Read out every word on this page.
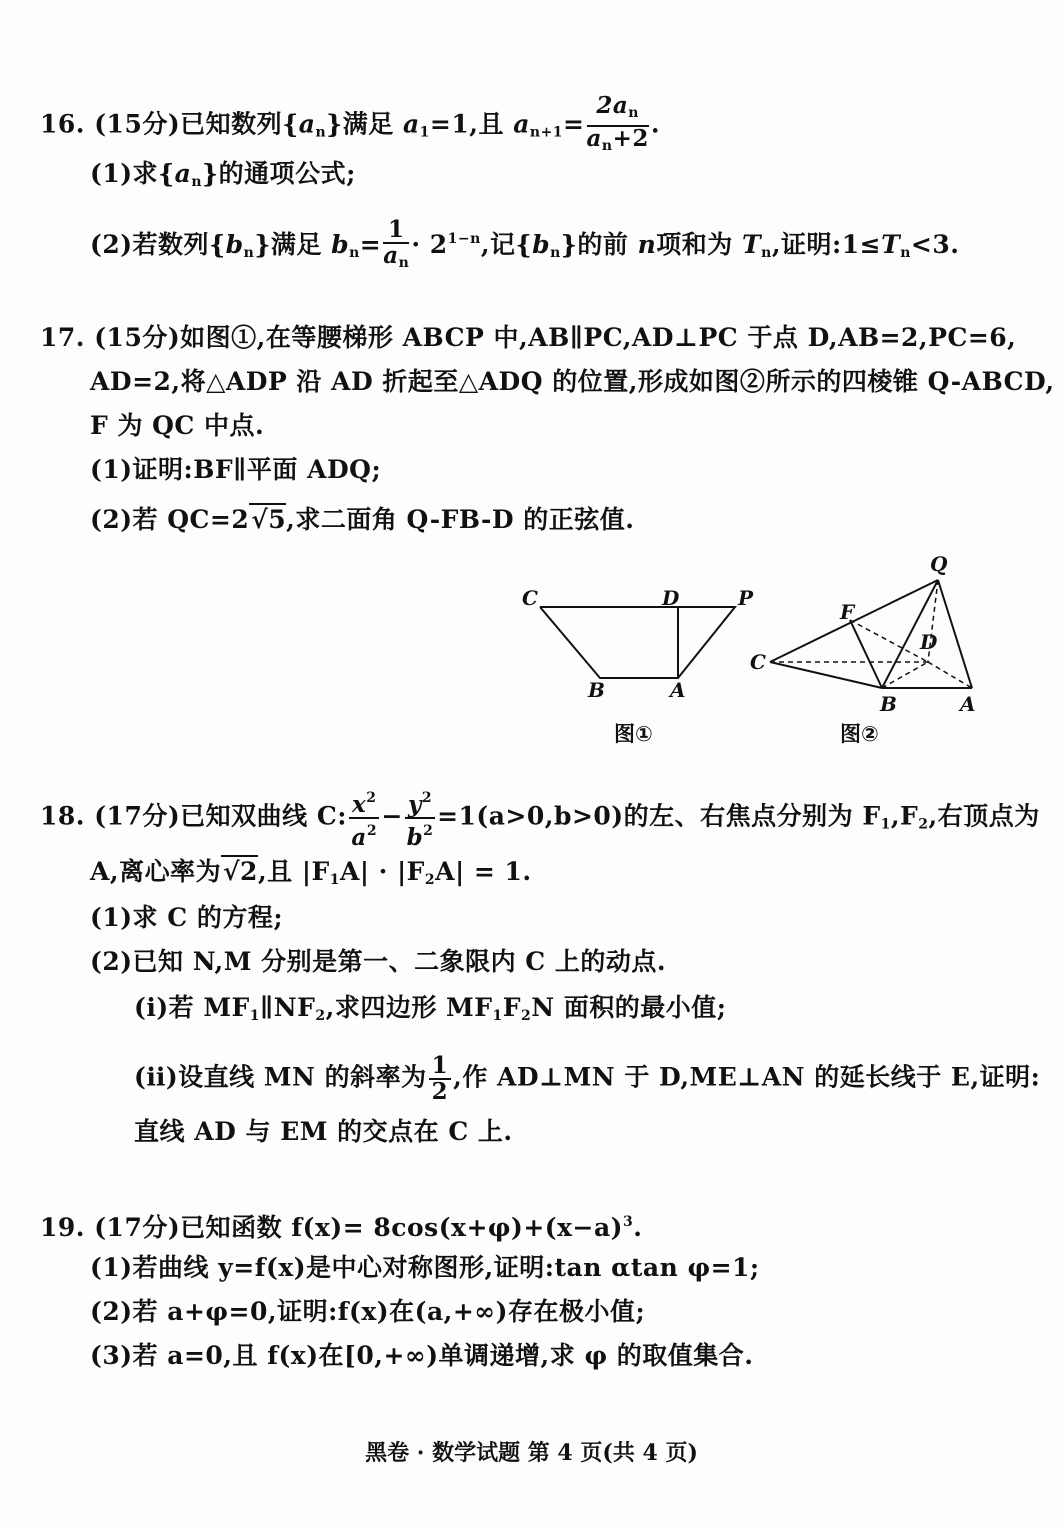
16. (15分)已知数列$\{a_n\}$满足 $a_1=1$,且 $a_{n+1}= \frac{2a_n}{a_n+2}$ .
(1)求$\{a_n\}$的通项公式;
(2)若数列$\{b_n\}$满足 $b_n= \frac{1}{a_n} \cdot 2^{1-n}$,记$\{b_n\}$的前 n项和为 $T_n$,证明$:1\le T_n<3$.
17. (15分)如图①,在等腰梯形 ABCP 中,AB∥PC,AD⊥PC 于点 D,AB=2,PC=6,
AD=2,将△ADP 沿 AD 折起至△ADQ 的位置,形成如图②所示的四棱锥 Q-ABCD,
F 为 QC 中点.
(1)证明:BF∥平面 ADQ;
(2)若 QC=2√5,求二面角 Q-FB-D 的正弦值.
C	D	P
B	A
图①
Q
F
D
C
B	A
图②
18. (17分)已知双曲线 C: $\frac{x^2}{a^2} - \frac{y^2}{b^2} =1(a>0,b>0)$的左、右焦点分别为 $F_1,F_2$,右顶点为
A,离心率为√2,且 $|F_1A| \cdot |F_2A| = 1$.
(1)求 C 的方程;
(2)已知 N,M 分别是第一、二象限内 C 上的动点.
(ⅰ)若 $MF_1\parallel NF_2$,求四边形 $MF_1F_2N$ 面积的最小值;
(ⅱ)设直线 MN 的斜率为 $\frac{1}{2}$ ,作 AD⊥MN 于 D,ME⊥AN 的延长线于 E,证明:
直线 AD 与 EM 的交点在 C 上.
19. (17分)已知函数 $f(x)= 8\cos(x+\varphi)+(x-a)^3$.
(1)若曲线 y=f(x)是中心对称图形,证明:tan αtan φ=1;
(2)若 a+φ=0,证明:f(x)在(a,+∞)存在极小值;
(3)若 a=0,且 f(x)在[0,+∞)单调递增,求 φ 的取值集合.
黑卷 · 数学试题 第 4 页(共 4 页)
